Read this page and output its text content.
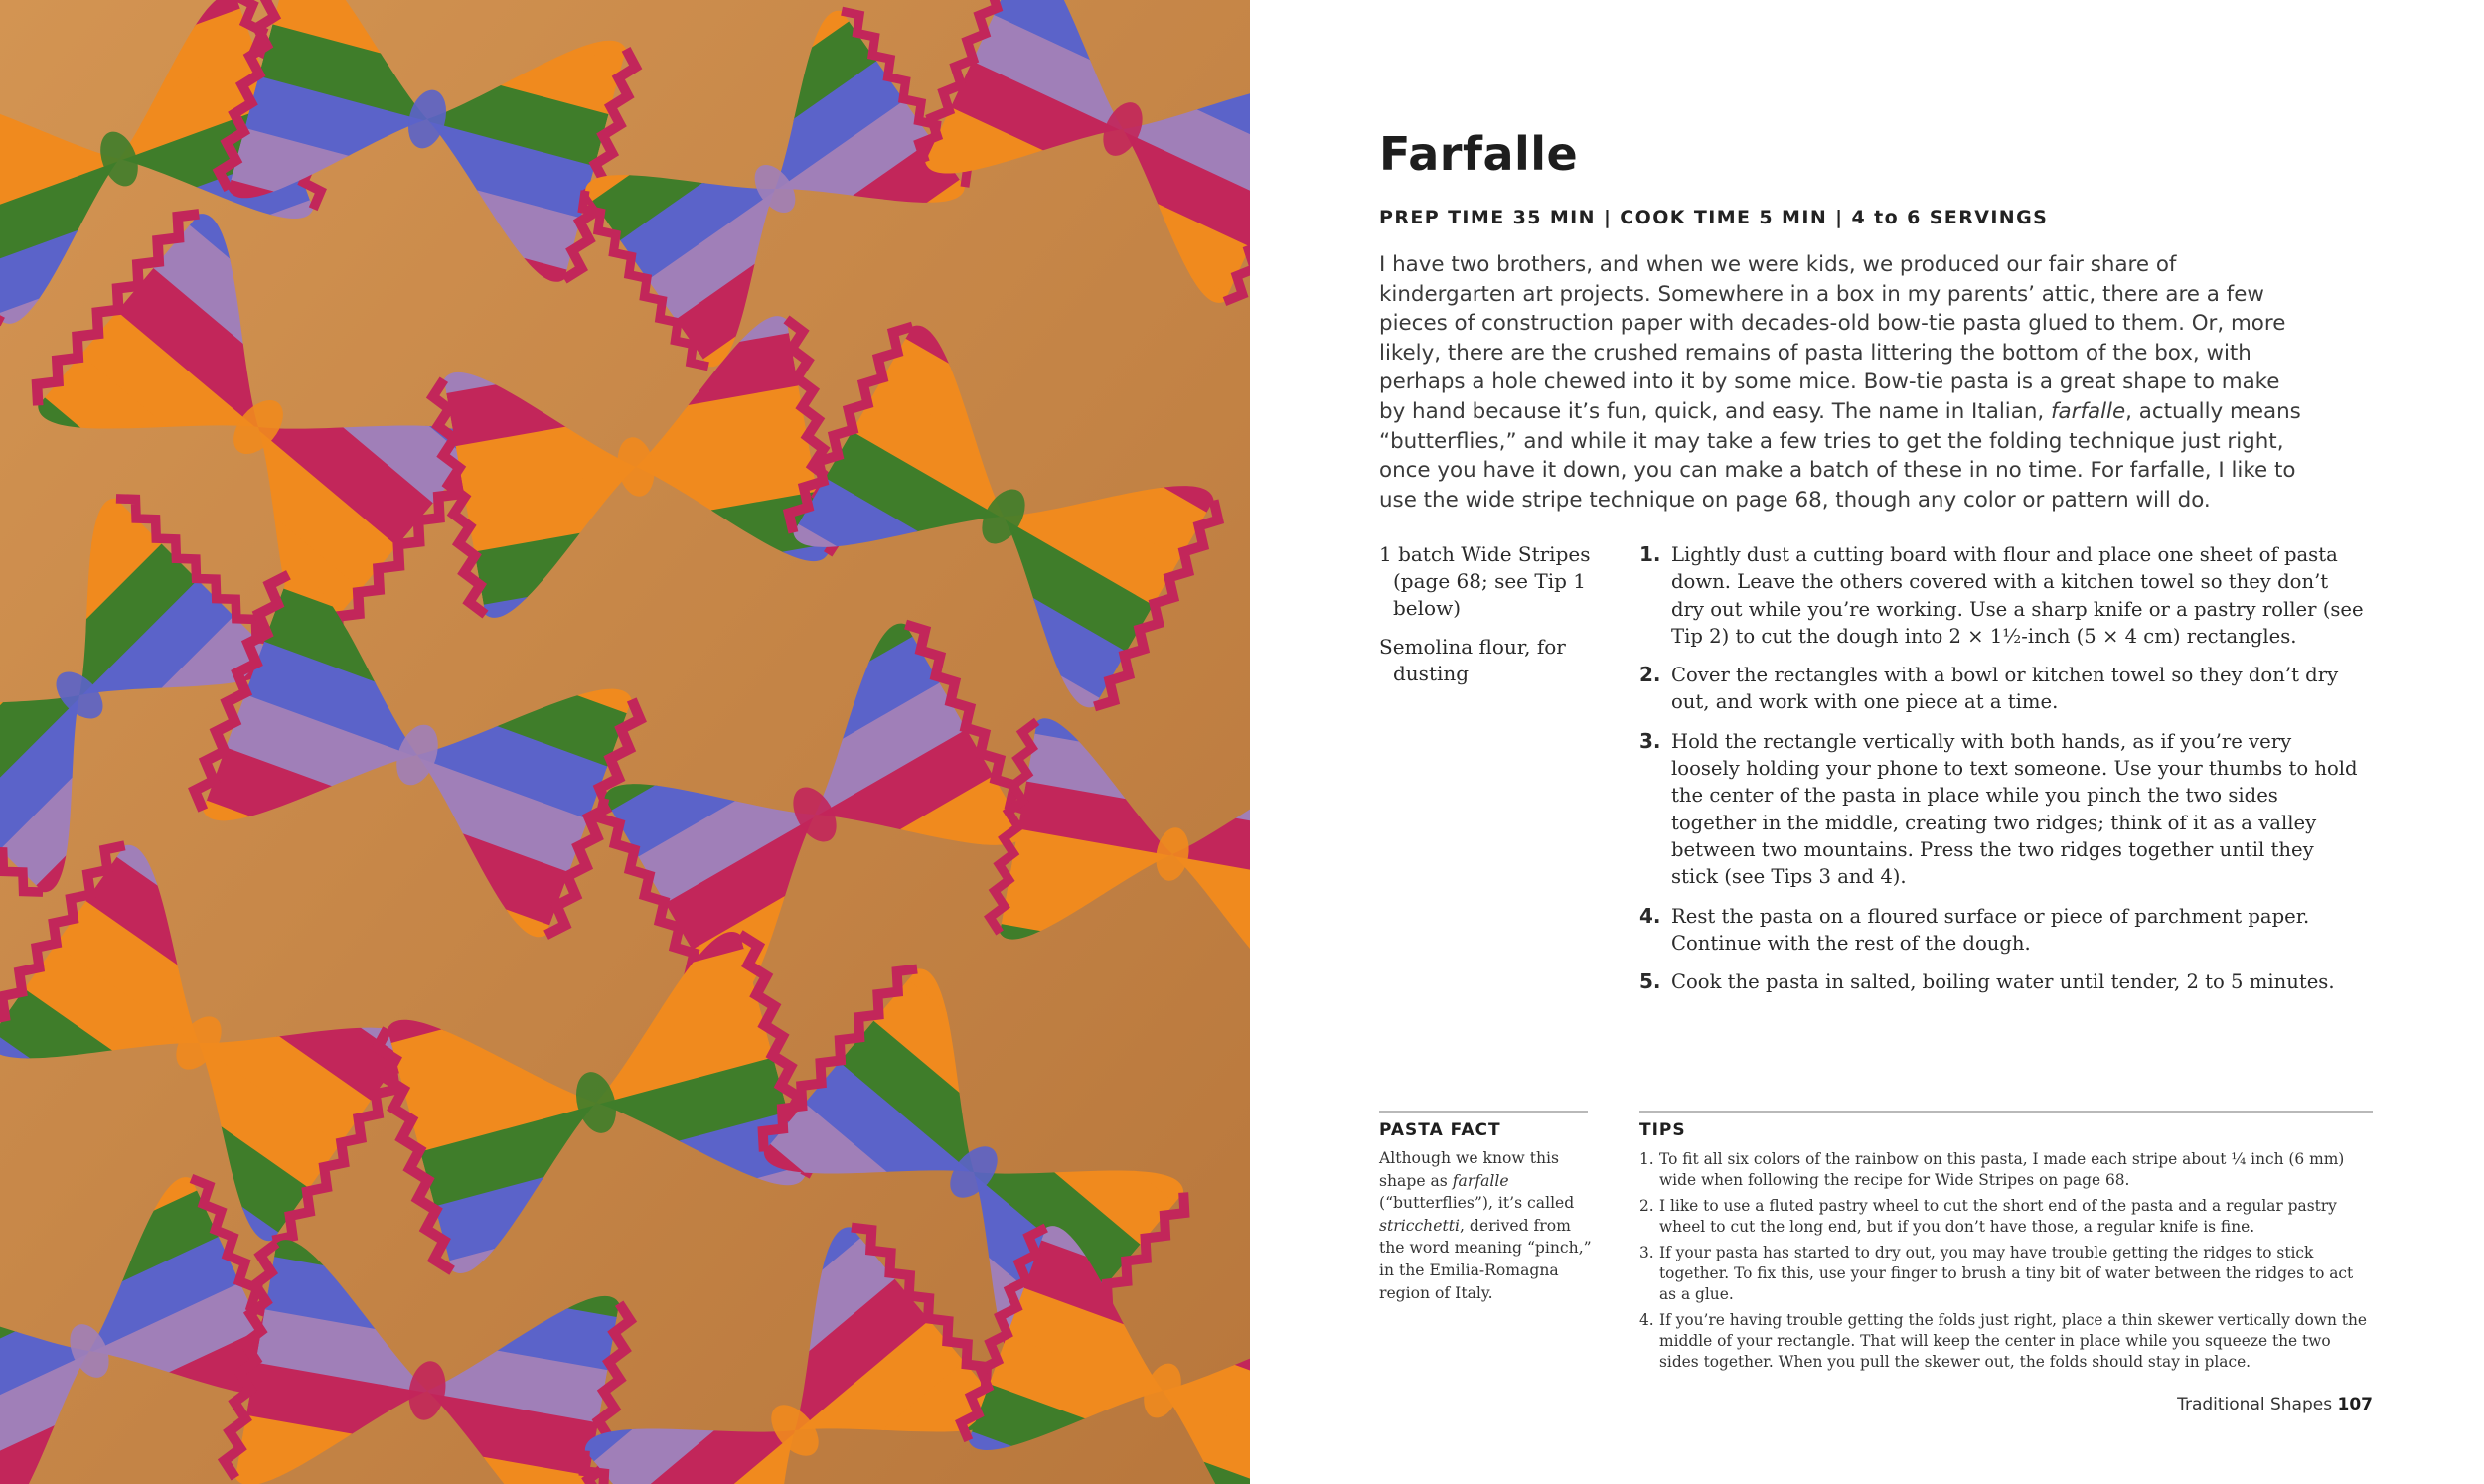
Farfalle
PREP TIME 35 MIN | COOK TIME 5 MIN | 4 to 6 SERVINGS
I have two brothers, and when we were kids, we produced our fair share of kindergarten art projects. Somewhere in a box in my parents’ attic, there are a few pieces of construction paper with decades-old bow-tie pasta glued to them. Or, more likely, there are the crushed remains of pasta littering the bottom of the box, with perhaps a hole chewed into it by some mice. Bow-tie pasta is a great shape to make by hand because it’s fun, quick, and easy. The name in Italian, farfalle, actually means “butterflies,” and while it may take a few tries to get the folding technique just right, once you have it down, you can make a batch of these in no time. For farfalle, I like to use the wide stripe technique on page 68, though any color or pattern will do.
1 batch Wide Stripes (page 68; see Tip 1 below)
Semolina flour, for dusting
1. Lightly dust a cutting board with flour and place one sheet of pasta down. Leave the others covered with a kitchen towel so they don’t dry out while you’re working. Use a sharp knife or a pastry roller (see Tip 2) to cut the dough into 2 × 1½-inch (5 × 4 cm) rectangles.
2. Cover the rectangles with a bowl or kitchen towel so they don’t dry out, and work with one piece at a time.
3. Hold the rectangle vertically with both hands, as if you’re very loosely holding your phone to text someone. Use your thumbs to hold the center of the pasta in place while you pinch the two sides together in the middle, creating two ridges; think of it as a valley between two mountains. Press the two ridges together until they stick (see Tips 3 and 4).
4. Rest the pasta on a floured surface or piece of parchment paper. Continue with the rest of the dough.
5. Cook the pasta in salted, boiling water until tender, 2 to 5 minutes.
PASTA FACT
Although we know this shape as farfalle (“butterflies”), it’s called stricchetti, derived from the word meaning “pinch,” in the Emilia-Romagna region of Italy.
TIPS
1. To fit all six colors of the rainbow on this pasta, I made each stripe about ¼ inch (6 mm) wide when following the recipe for Wide Stripes on page 68.
2. I like to use a fluted pastry wheel to cut the short end of the pasta and a regular pastry wheel to cut the long end, but if you don’t have those, a regular knife is fine.
3. If your pasta has started to dry out, you may have trouble getting the ridges to stick together. To fix this, use your finger to brush a tiny bit of water between the ridges to act as a glue.
4. If you’re having trouble getting the folds just right, place a thin skewer vertically down the middle of your rectangle. That will keep the center in place while you squeeze the two sides together. When you pull the skewer out, the folds should stay in place.
Traditional Shapes 107
